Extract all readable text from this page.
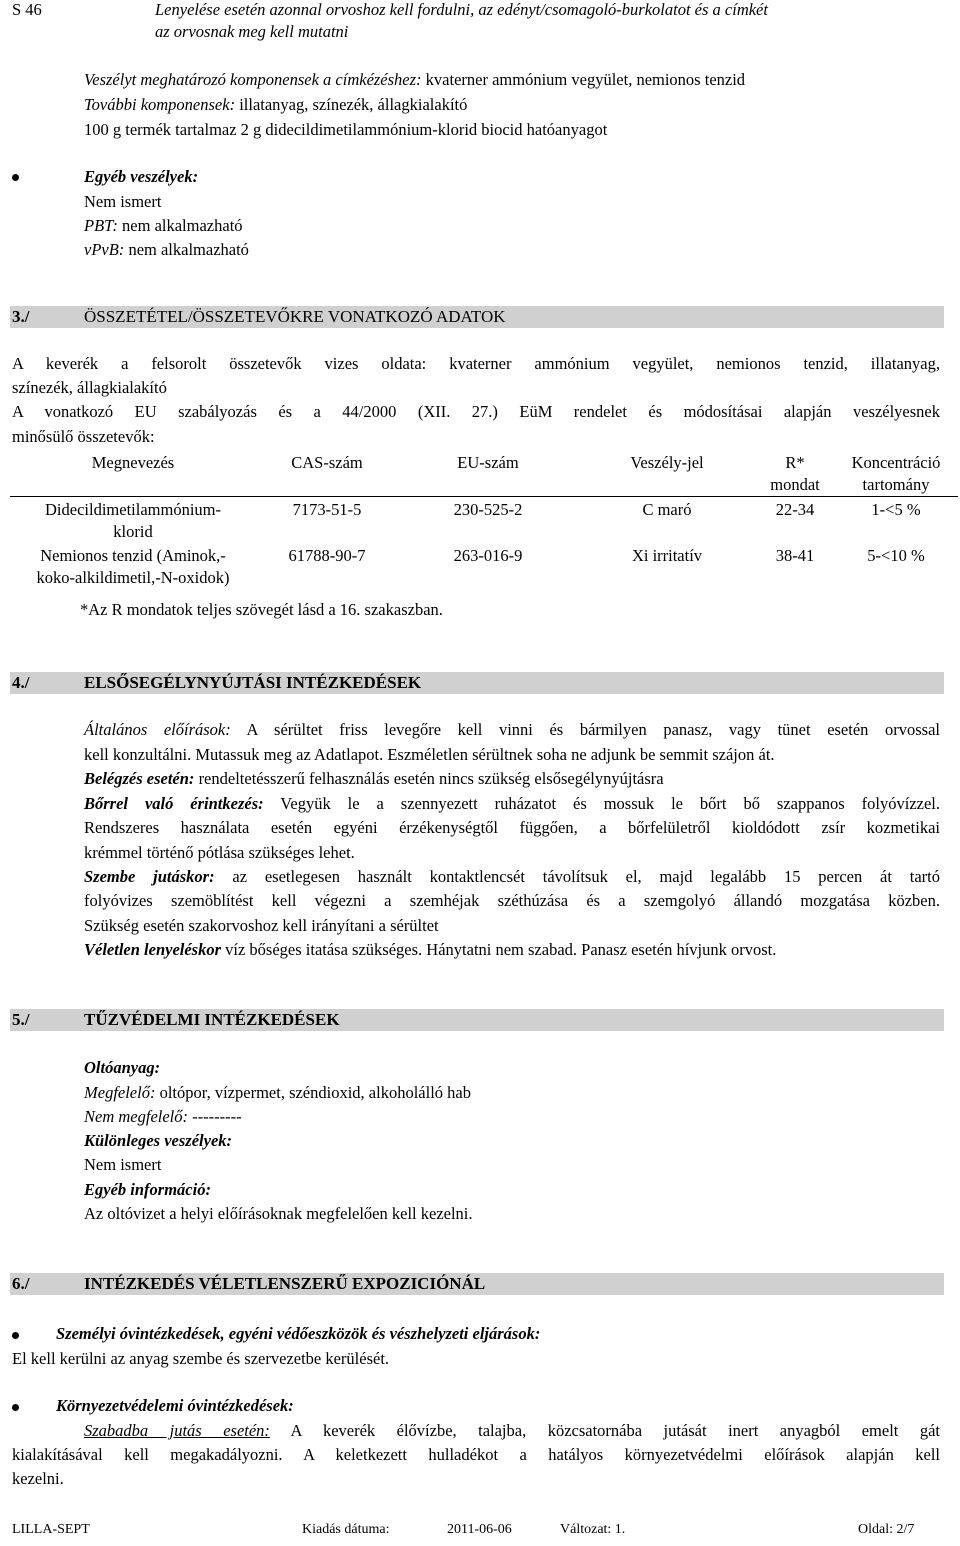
S 46	Lenyelése esetén azonnal orvoshoz kell fordulni, az edényt/csomagoló-burkolatot és a címkét
az orvosnak meg kell mutatni
Veszélyt meghatározó komponensek a címkézéshez: kvaterner ammónium vegyület, nemionos tenzid
További komponensek: illatanyag, színezék, állagkialakító
100 g termék tartalmaz 2 g didecildimetilammónium-klorid biocid hatóanyagot
Egyéb veszélyek:
Nem ismert
PBT: nem alkalmazható
vPvB: nem alkalmazható
3./	ÖSSZETÉTEL/ÖSSZETEVŐKRE VONATKOZÓ ADATOK
A keverék a felsorolt összetevők vizes oldata: kvaterner ammónium vegyület, nemionos tenzid, illatanyag,
színezék, állagkialakító
A vonatkozó EU szabályozás és a 44/2000 (XII. 27.) EüM rendelet és módosításai alapján veszélyesnek
minősülő összetevők:
Megnevezés	CAS-szám	EU-szám	Veszély-jel	R*
mondat	Koncentráció
tartomány
Didecildimetilammónium-
klorid	7173-51-5	230-525-2	C maró	22-34	1-<5 %
Nemionos tenzid (Aminok,-
koko-alkildimetil,-N-oxidok)	61788-90-7	263-016-9	Xi irritatív	38-41	5-<10 %
*Az R mondatok teljes szövegét lásd a 16. szakaszban.
4./	ELSŐSEGÉLYNYÚJTÁSI INTÉZKEDÉSEK
Általános előírások: A sérültet friss levegőre kell vinni és bármilyen panasz, vagy tünet esetén orvossal
kell konzultálni. Mutassuk meg az Adatlapot. Eszméletlen sérültnek soha ne adjunk be semmit szájon át.
Belégzés esetén: rendeltetésszerű felhasználás esetén nincs szükség elsősegélynyújtásra
Bőrrel való érintkezés: Vegyük le a szennyezett ruházatot és mossuk le bőrt bő szappanos folyóvízzel.
Rendszeres használata esetén egyéni érzékenységtől függően, a bőrfelületről kioldódott zsír kozmetikai
krémmel történő pótlása szükséges lehet.
Szembe jutáskor: az esetlegesen használt kontaktlencsét távolítsuk el, majd legalább 15 percen át tartó
folyóvizes szemöblítést kell végezni a szemhéjak széthúzása és a szemgolyó állandó mozgatása közben.
Szükség esetén szakorvoshoz kell irányítani a sérültet
Véletlen lenyeléskor víz bőséges itatása szükséges. Hánytatni nem szabad. Panasz esetén hívjunk orvost.
5./	TŰZVÉDELMI INTÉZKEDÉSEK
Oltóanyag:
Megfelelő: oltópor, vízpermet, széndioxid, alkoholálló hab
Nem megfelelő: ---------
Különleges veszélyek:
Nem ismert
Egyéb információ:
Az oltóvizet a helyi előírásoknak megfelelően kell kezelni.
6./	INTÉZKEDÉS VÉLETLENSZERŰ EXPOZICIÓNÁL
Személyi óvintézkedések, egyéni védőeszközök és vészhelyzeti eljárások:
El kell kerülni az anyag szembe és szervezetbe kerülését.
Környezetvédelemi óvintézkedések:
Szabadba jutás esetén: A keverék élővízbe, talajba, közcsatornába jutását inert anyagból emelt gát
kialakításával kell megakadályozni. A keletkezett hulladékot a hatályos környezetvédelmi előírások alapján kell
kezelni.
LILLA-SEPT	Kiadás dátuma:	2011-06-06	Változat: 1.	Oldal: 2/7
